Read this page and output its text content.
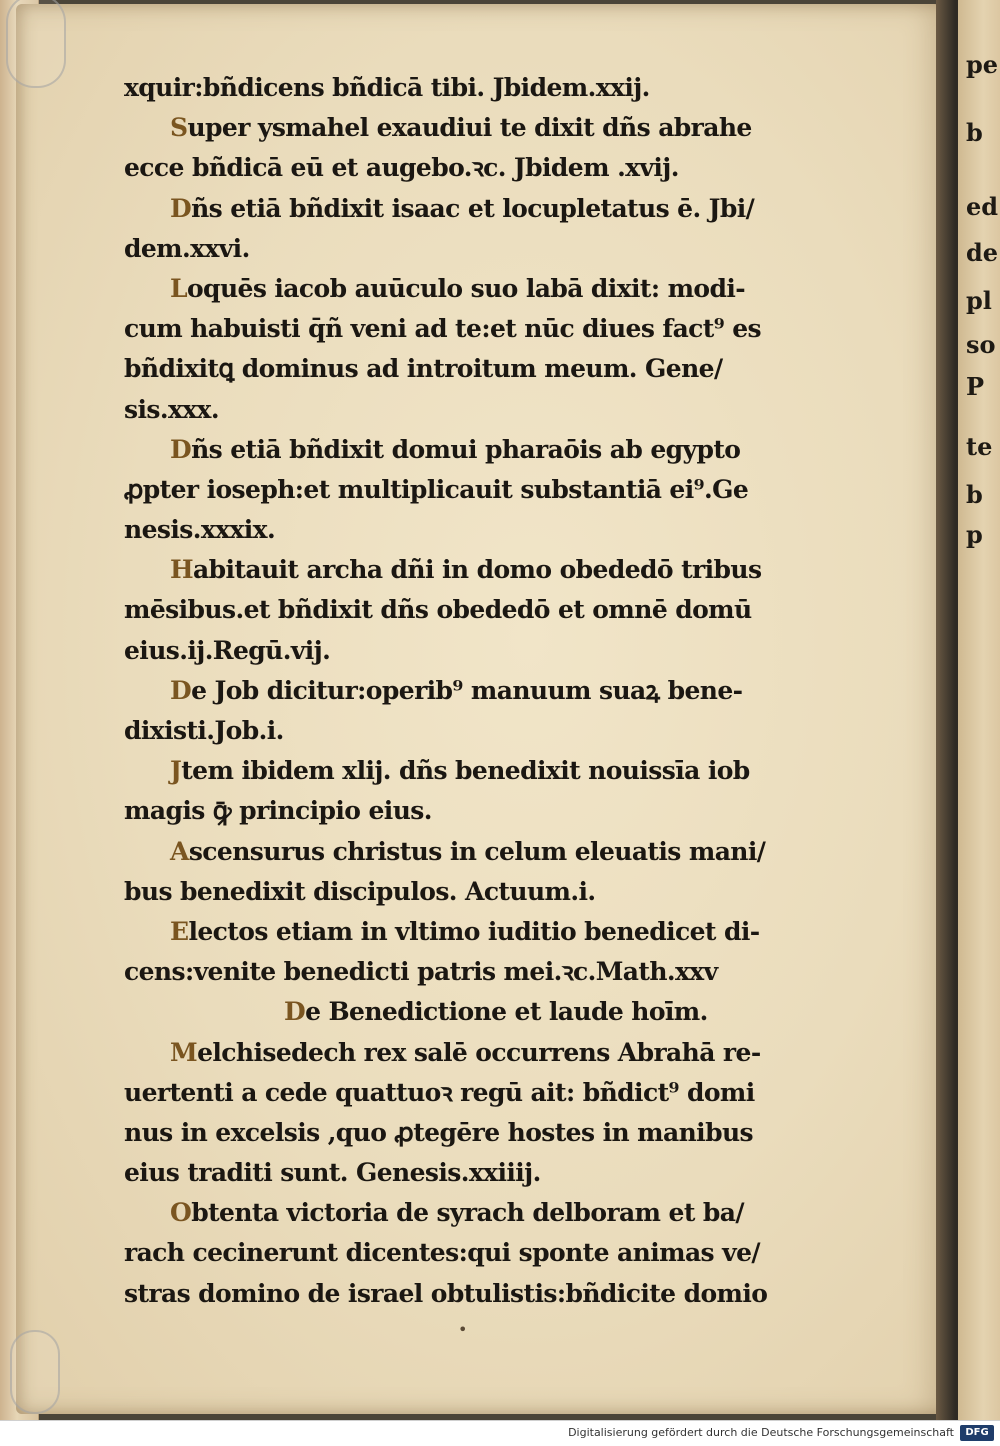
pe
b
ed
de
pl
so
P
te
b
p
xquir:bñdicens bñdicā tibi. Jbidem.xxij.
Super ysmahel exaudiui te dixit dñs abrahe
ecce bñdicā eū et augebo.ꝛc. Jbidem .xvij.
Dñs etiā bñdixit isaac et locupletatus ē. Jbi/
dem.xxvi.
Loquēs iacob auūculo suo labā dixit: modi-
cum habuisti q̄ñ veni ad te:et nūc diues fact⁹ es
bñdixitꝗ dominus ad introitum meum. Gene/
sis.xxx.
Dñs etiā bñdixit domui pharaōis ab egypto
ꝓpter ioseph:et multiplicauit substantiā ei⁹.Ge
nesis.xxxix.
Habitauit archa dñi in domo obededō tribus
mēsibus.et bñdixit dñs obededō et omnē domū
eius.ij.Regū.vij.
De Job dicitur:operib⁹ manuum suaꝝ bene-
dixisti.Job.i.
Jtem ibidem xlij. dñs benedixit nouissīa iob
magis ꝙ̄ principio eius.
Ascensurus christus in celum eleuatis mani/
bus benedixit discipulos. Actuum.i.
Electos etiam in vltimo iuditio benedicet di-
cens:venite benedicti patris mei.ꝛc.Math.xxv
De Benedictione et laude hoīm.
Melchisedech rex salē occurrens Abrahā re-
uertenti a cede quattuoꝛ regū ait: bñdict⁹ domi
nus in excelsis ,quo ꝓtegēre hostes in manibus
eius traditi sunt. Genesis.xxiiij.
Obtenta victoria de syrach delboram et ba/
rach cecinerunt dicentes:qui sponte animas ve/
stras domino de israel obtulistis:bñdicite domio
•
Digitalisierung gefördert durch die Deutsche Forschungsgemeinschaft	DFG
